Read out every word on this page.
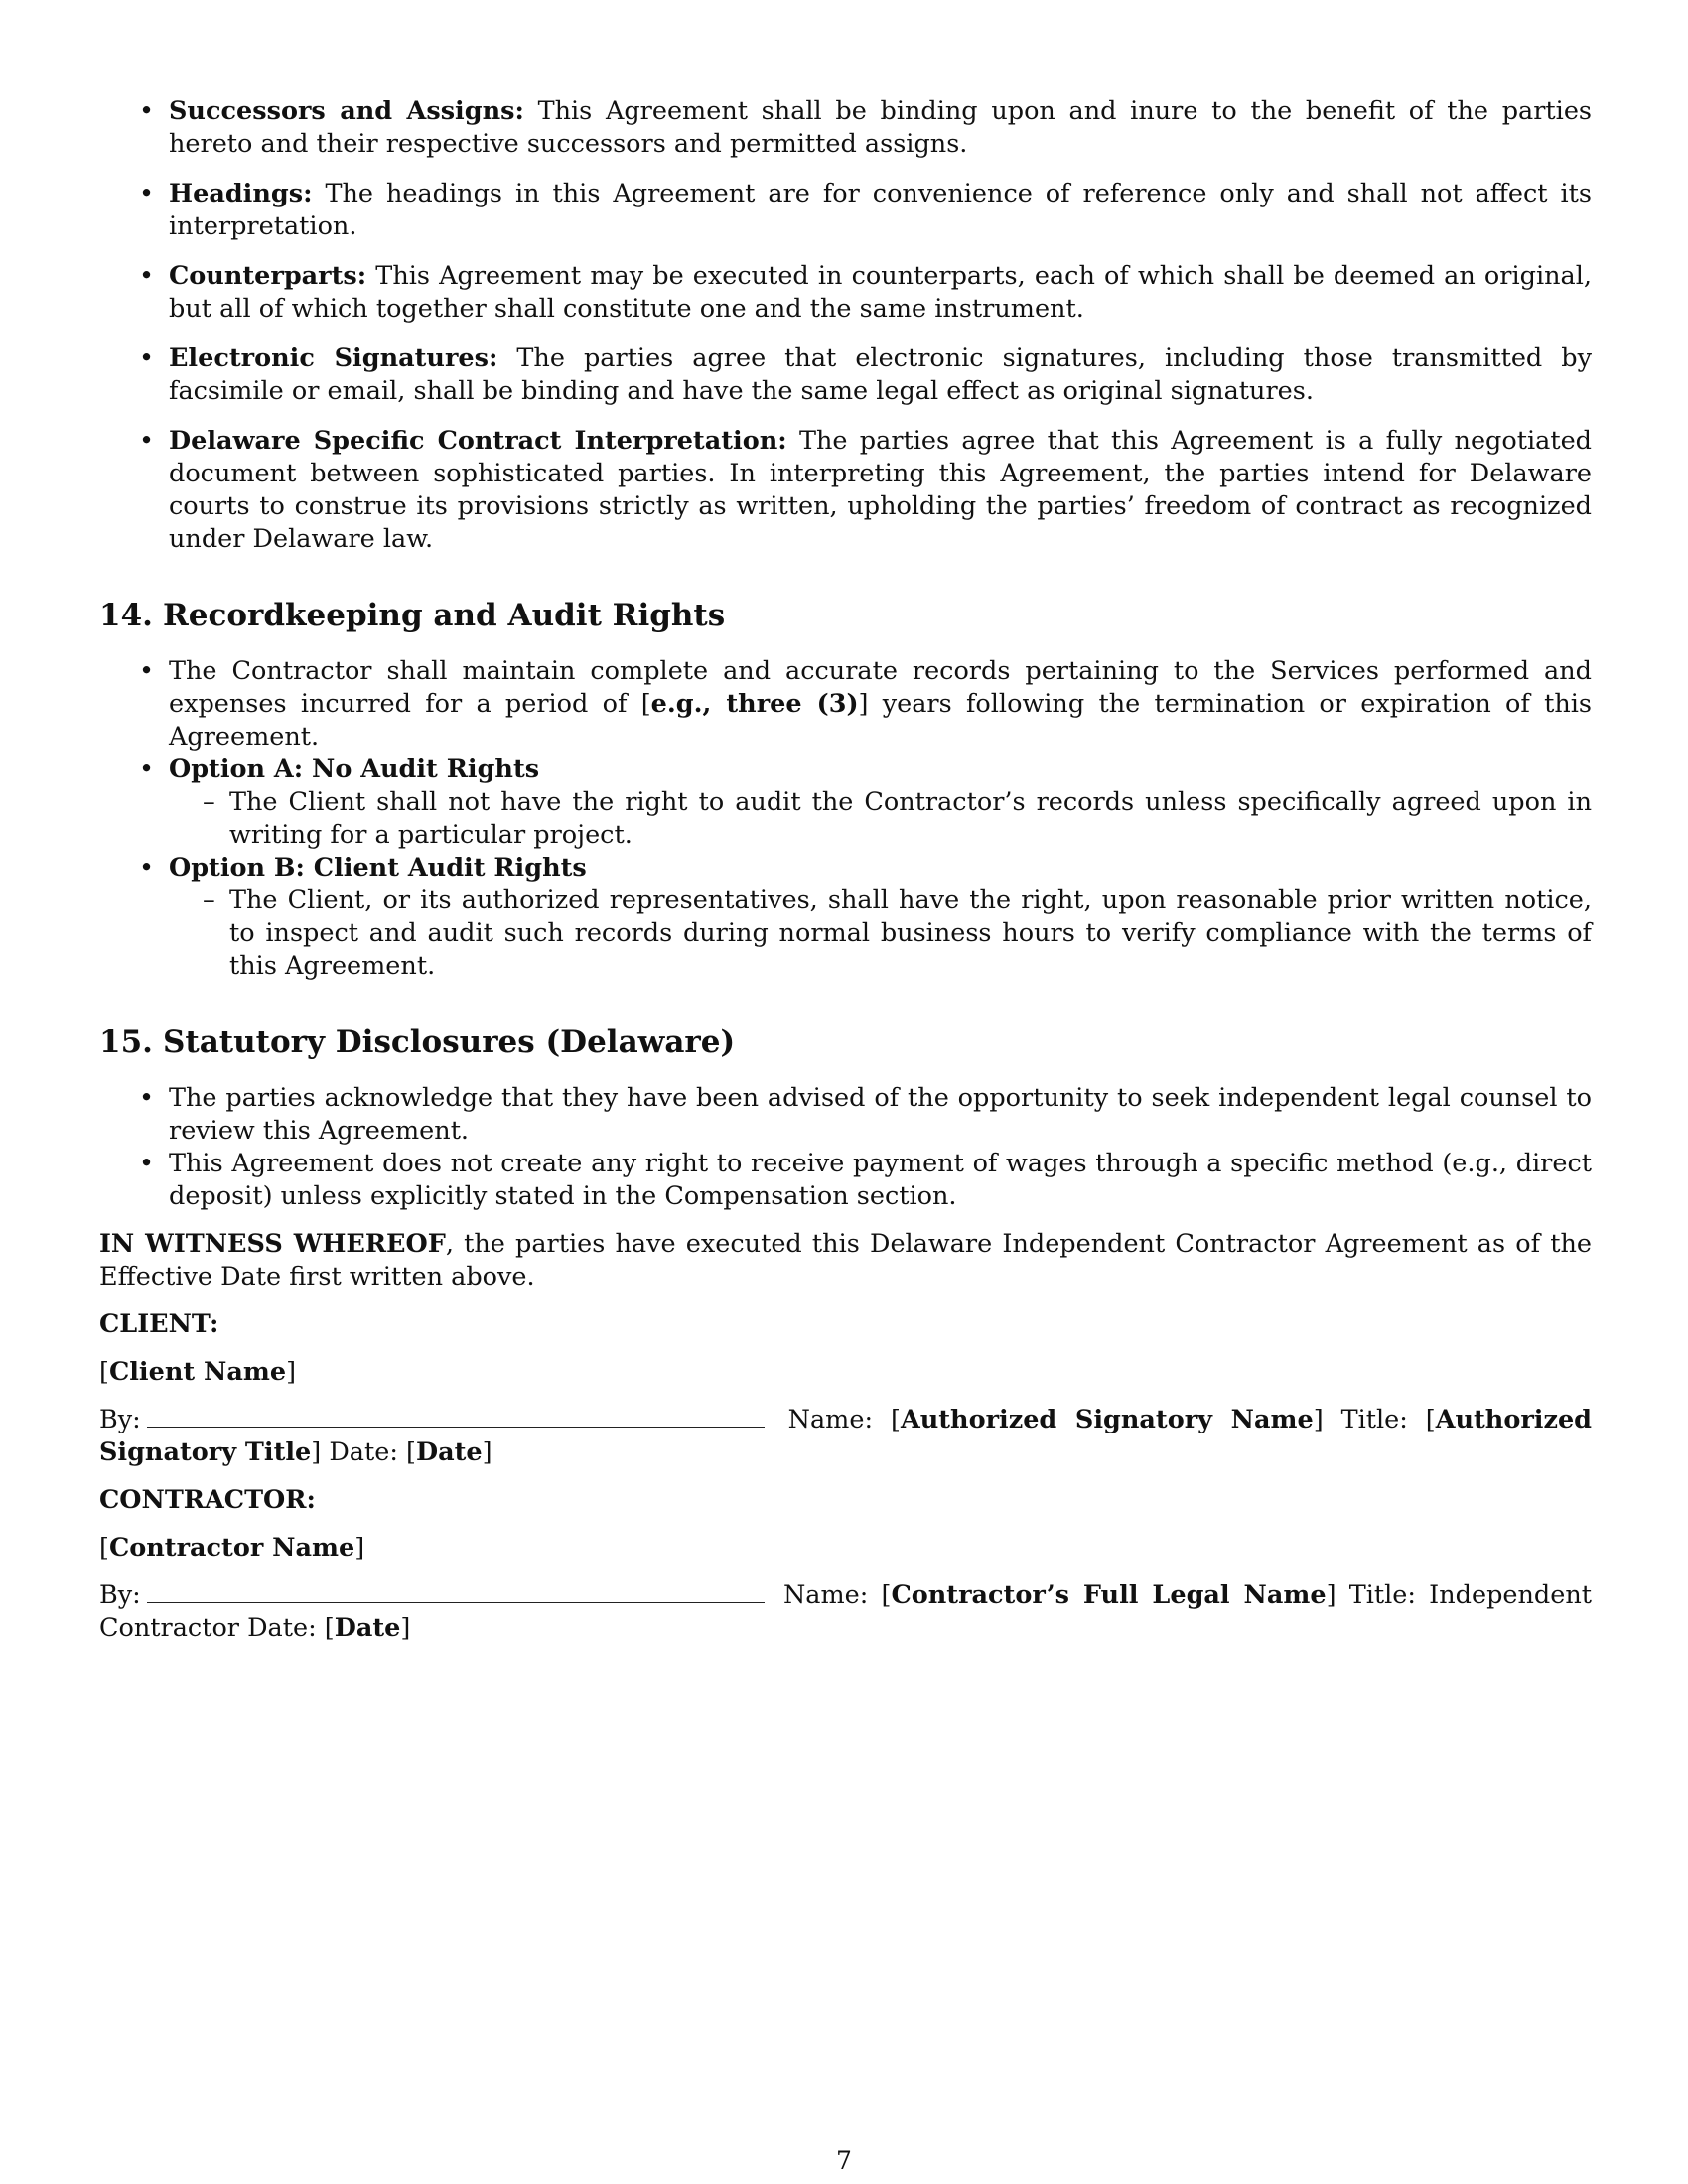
• Successors and Assigns: This Agreement shall be binding upon and inure to the benefit of the parties hereto and their respective successors and permitted assigns.
• Headings: The headings in this Agreement are for convenience of reference only and shall not affect its interpretation.
• Counterparts: This Agreement may be executed in counterparts, each of which shall be deemed an original, but all of which together shall constitute one and the same instrument.
• Electronic Signatures: The parties agree that electronic signatures, including those transmitted by facsimile or email, shall be binding and have the same legal effect as original signatures.
• Delaware Specific Contract Interpretation: The parties agree that this Agreement is a fully negotiated document between sophisticated parties. In interpreting this Agreement, the parties intend for Delaware courts to construe its provisions strictly as written, upholding the parties’ freedom of contract as recognized under Delaware law.
14. Recordkeeping and Audit Rights
• The Contractor shall maintain complete and accurate records pertaining to the Services performed and expenses incurred for a period of [e.g., three (3)] years following the termination or expiration of this Agreement.
• Option A: No Audit Rights
– The Client shall not have the right to audit the Contractor’s records unless specifically agreed upon in writing for a particular project.
• Option B: Client Audit Rights
– The Client, or its authorized representatives, shall have the right, upon reasonable prior written notice, to inspect and audit such records during normal business hours to verify compliance with the terms of this Agreement.
15. Statutory Disclosures (Delaware)
• The parties acknowledge that they have been advised of the opportunity to seek independent legal counsel to review this Agreement.
• This Agreement does not create any right to receive payment of wages through a specific method (e.g., direct deposit) unless explicitly stated in the Compensation section.

IN WITNESS WHEREOF, the parties have executed this Delaware Independent Contractor Agreement as of the Effective Date first written above.

CLIENT:

[Client Name]

By:	Name: [Authorized Signatory Name] Title: [Authorized Signatory Title] Date: [Date]

CONTRACTOR:

[Contractor Name]

By:	Name: [Contractor’s Full Legal Name] Title: Independent Contractor Date: [Date]

7
